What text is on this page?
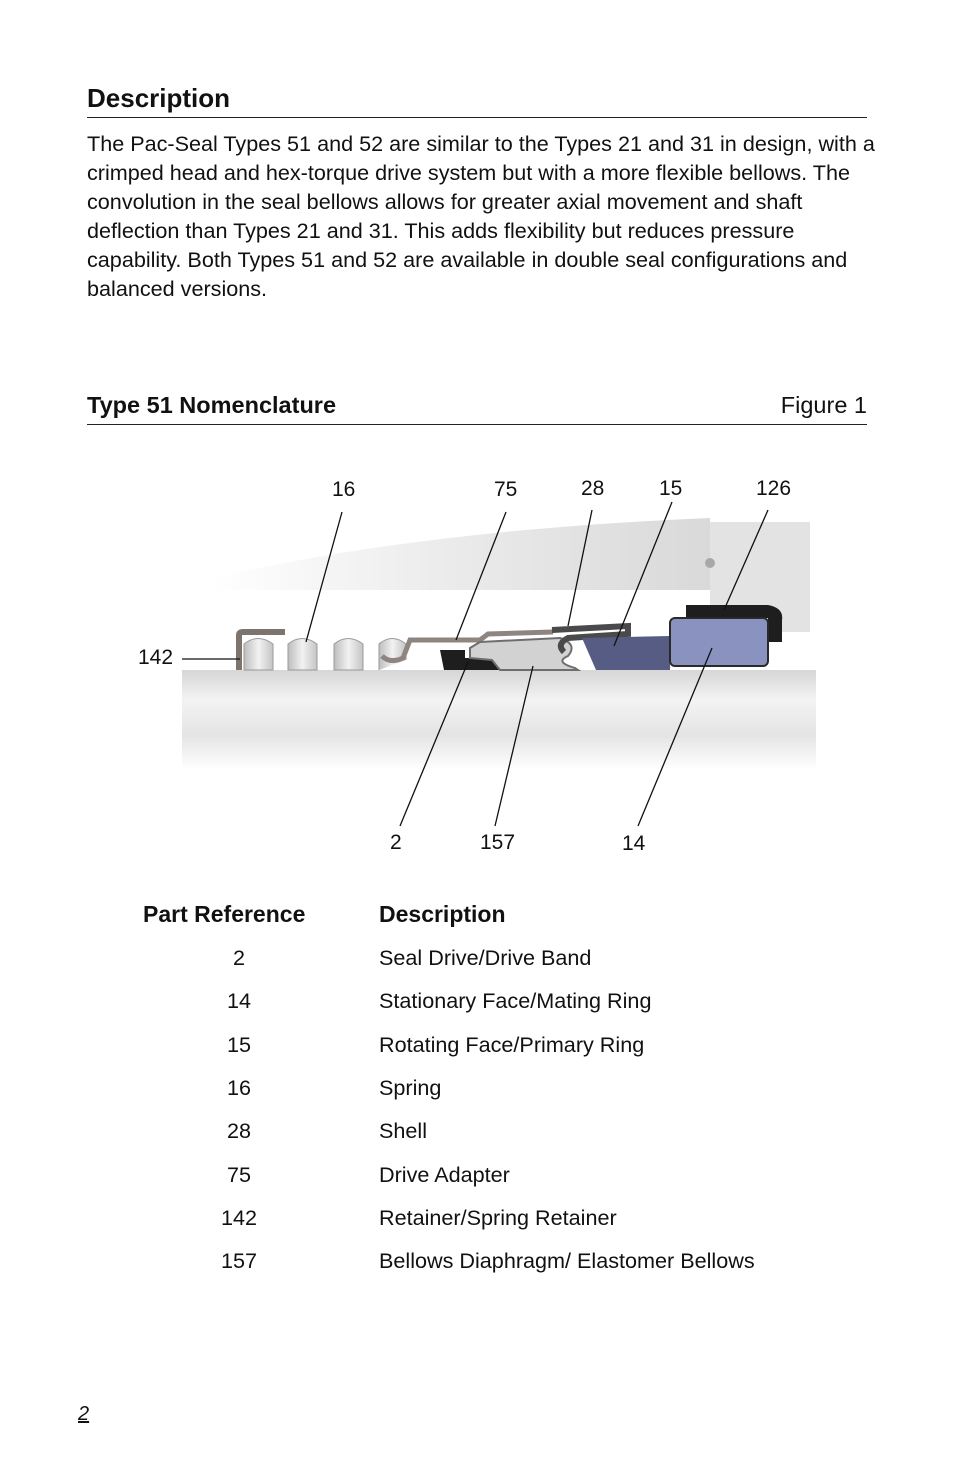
Description

The Pac-Seal Types 51 and 52 are similar to the Types 21 and 31 in design, with a crimped head and hex-torque drive system but with a more flexible bellows. The convolution in the seal bellows allows for greater axial movement and shaft deflection than Types 21 and 31. This adds flexibility but reduces pressure capability. Both Types 51 and 52 are available in double seal configurations and balanced versions.

Type 51 Nomenclature	Figure 1
16	75	28	15	126
142
2	157	14
Part Reference	Description
2	Seal Drive/Drive Band
14	Stationary Face/Mating Ring
15	Rotating Face/Primary Ring
16	Spring
28	Shell
75	Drive Adapter
142	Retainer/Spring Retainer
157	Bellows Diaphragm/ Elastomer Bellows
2
